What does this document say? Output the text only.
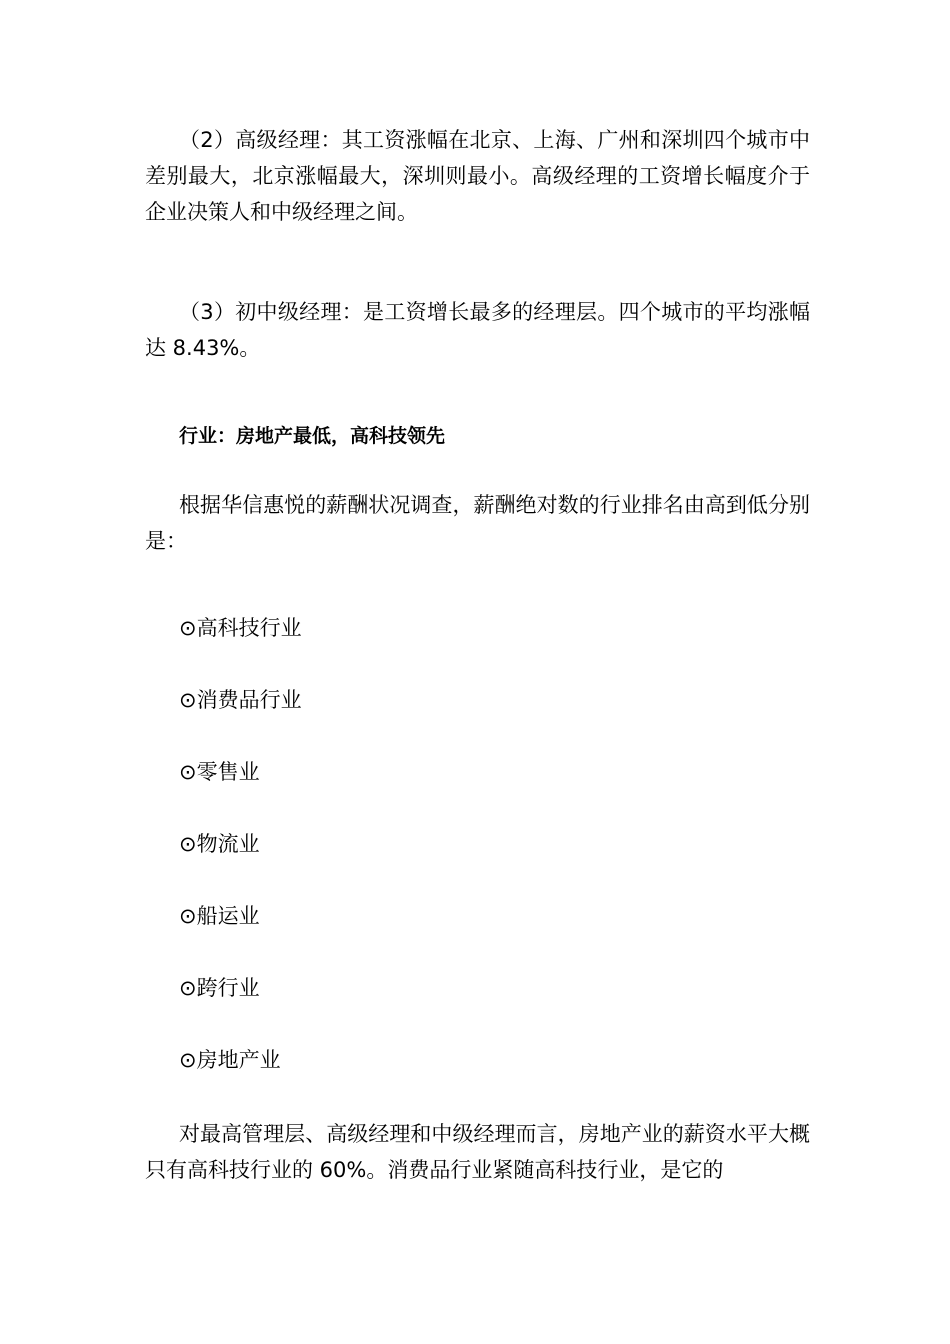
（2）高级经理：其工资涨幅在北京、上海、广州和深圳四个城市中差别最大，北京涨幅最大，深圳则最小。高级经理的工资增长幅度介于企业决策人和中级经理之间。

（3）初中级经理：是工资增长最多的经理层。四个城市的平均涨幅达 8.43%。

行业：房地产最低，高科技领先

根据华信惠悦的薪酬状况调查，薪酬绝对数的行业排名由高到低分别是：

⊙高科技行业

⊙消费品行业

⊙零售业

⊙物流业

⊙船运业

⊙跨行业

⊙房地产业

对最高管理层、高级经理和中级经理而言，房地产业的薪资水平大概只有高科技行业的 60%。消费品行业紧随高科技行业，是它的
